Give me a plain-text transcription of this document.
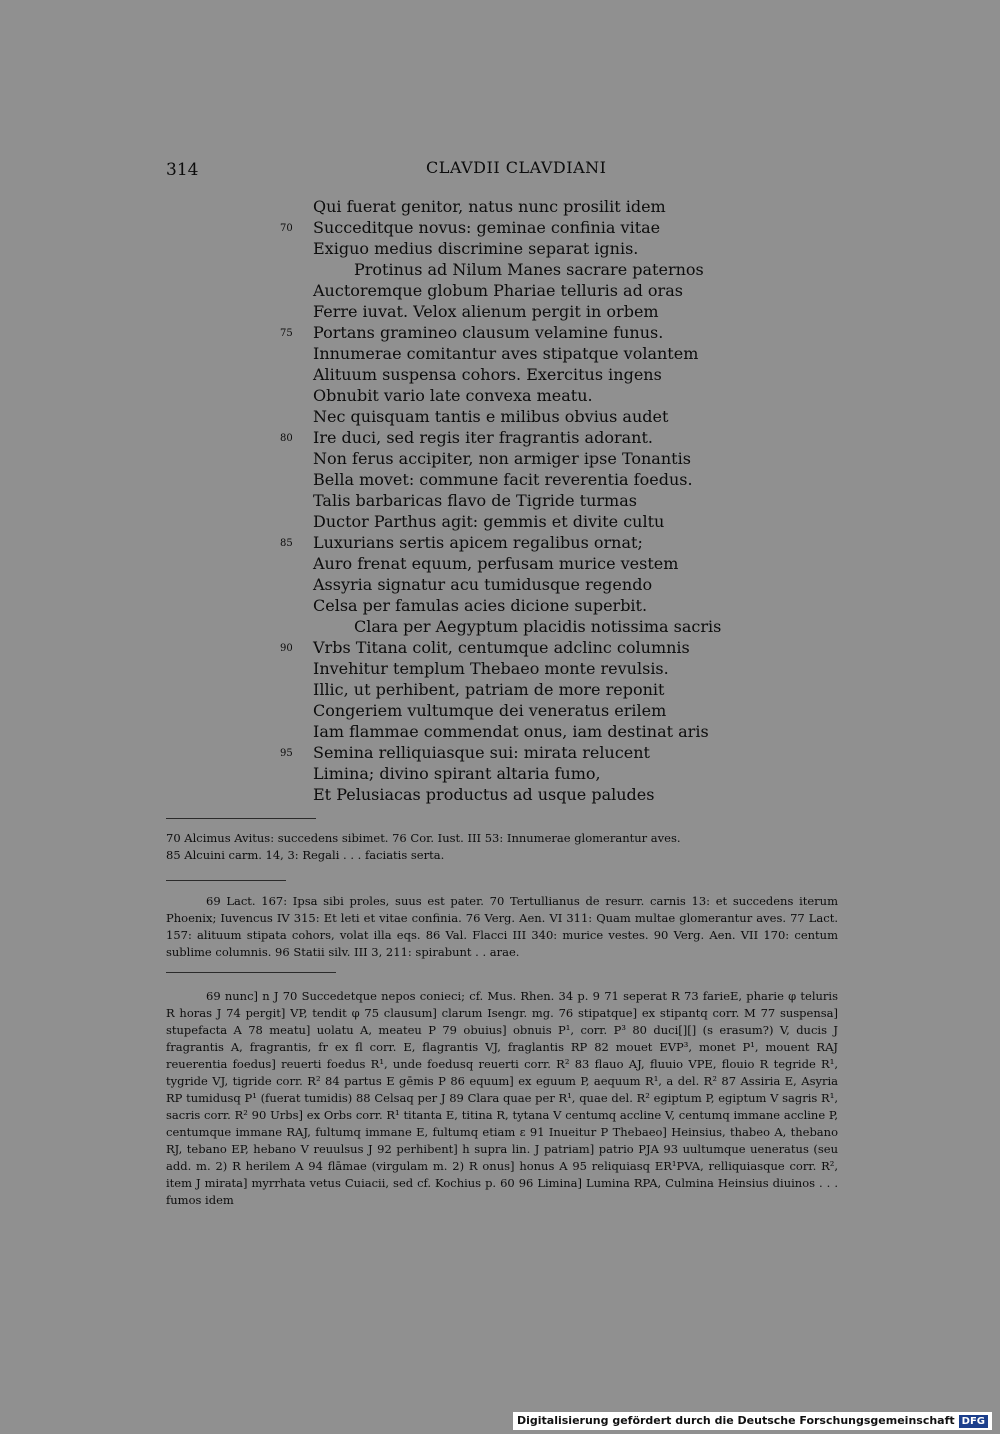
314	CLAVDII CLAVDIANI
Qui fuerat genitor, natus nunc prosilit idem
70 Succeditque novus: geminae confinia vitae
Exiguo medius discrimine separat ignis.
Protinus ad Nilum Manes sacrare paternos
Auctoremque globum Phariae telluris ad oras
Ferre iuvat. Velox alienum pergit in orbem
75 Portans gramineo clausum velamine funus.
Innumerae comitantur aves stipatque volantem
Alituum suspensa cohors. Exercitus ingens
Obnubit vario late convexa meatu.
Nec quisquam tantis e milibus obvius audet
80 Ire duci, sed regis iter fragrantis adorant.
Non ferus accipiter, non armiger ipse Tonantis
Bella movet: commune facit reverentia foedus.
Talis barbaricas flavo de Tigride turmas
Ductor Parthus agit: gemmis et divite cultu
85 Luxurians sertis apicem regalibus ornat;
Auro frenat equum, perfusam murice vestem
Assyria signatur acu tumidusque regendo
Celsa per famulas acies dicione superbit.
Clara per Aegyptum placidis notissima sacris
90 Vrbs Titana colit, centumque adclinc columnis
Invehitur templum Thebaeo monte revulsis.
Illic, ut perhibent, patriam de more reponit
Congeriem vultumque dei veneratus erilem
Iam flammae commendat onus, iam destinat aris
95 Semina relliquiasque sui: mirata relucent
Limina; divino spirant altaria fumo,
Et Pelusiacas productus ad usque paludes

70 Alcimus Avitus: succedens sibimet. 76 Cor. Iust. III 53: Innumerae glomerantur aves.

85 Alcuini carm. 14, 3: Regali . . . faciatis serta.

69 Lact. 167: Ipsa sibi proles, suus est pater. 70 Tertullianus de resurr. carnis 13: et succedens iterum Phoenix; Iuvencus IV 315: Et leti et vitae confinia. 76 Verg. Aen. VI 311: Quam multae glomerantur aves. 77 Lact. 157: alituum stipata cohors, volat illa eqs. 86 Val. Flacci III 340: murice vestes. 90 Verg. Aen. VII 170: centum sublime columnis. 96 Statii silv. III 3, 211: spirabunt . . arae.

69 nunc] n J 70 Succedetque nepos conieci; cf. Mus. Rhen. 34 p. 9 71 seperat R 73 farieE, pharie φ teluris R horas J 74 pergit] VP, tendit φ 75 clausum] clarum Isengr. mg. 76 stipatque] ex stipantq corr. M 77 suspensa] stupefacta A 78 meatu] uolatu A, meateu P 79 obuius] obnuis P¹, corr. P³ 80 duci[][] (s erasum?) V, ducis J fragrantis A, fragrantis, fr ex fl corr. E, flagrantis VJ, fraglantis RP 82 mouet EVP³, monet P¹, mouent RAJ reuerentia foedus] reuerti foedus R¹, unde foedusq reuerti corr. R² 83 flauo AJ, fluuio VPE, flouio R tegride R¹, tygride VJ, tigride corr. R² 84 partus E gēmis P 86 equum] ex eguum P, aequum R¹, a del. R² 87 Assiria E, Asyria RP tumidusq P¹ (fuerat tumidis) 88 Celsaq per J 89 Clara quae per R¹, quae del. R² egiptum P, egiptum V sagris R¹, sacris corr. R² 90 Urbs] ex Orbs corr. R¹ titanta E, titina R, tytana V centumq accline V, centumq immane accline P, centumque immane RAJ, fultumq immane E, fultumq etiam ε 91 Inueitur P Thebaeo] Heinsius, thabeo A, thebano RJ, tebano EP, hebano V reuulsus J 92 perhibent] h supra lin. J patriam] patrio PJA 93 uultumque ueneratus (seu add. m. 2) R herilem A 94 flāmae (virgulam m. 2) R onus] honus A 95 reliquiasq ER¹PVA, relliquiasque corr. R², item J mirata] myrrhata vetus Cuiacii, sed cf. Kochius p. 60 96 Limina] Lumina RPA, Culmina Heinsius diuinos . . . fumos idem

Digitalisierung gefördert durch die Deutsche Forschungsgemeinschaft DFG
